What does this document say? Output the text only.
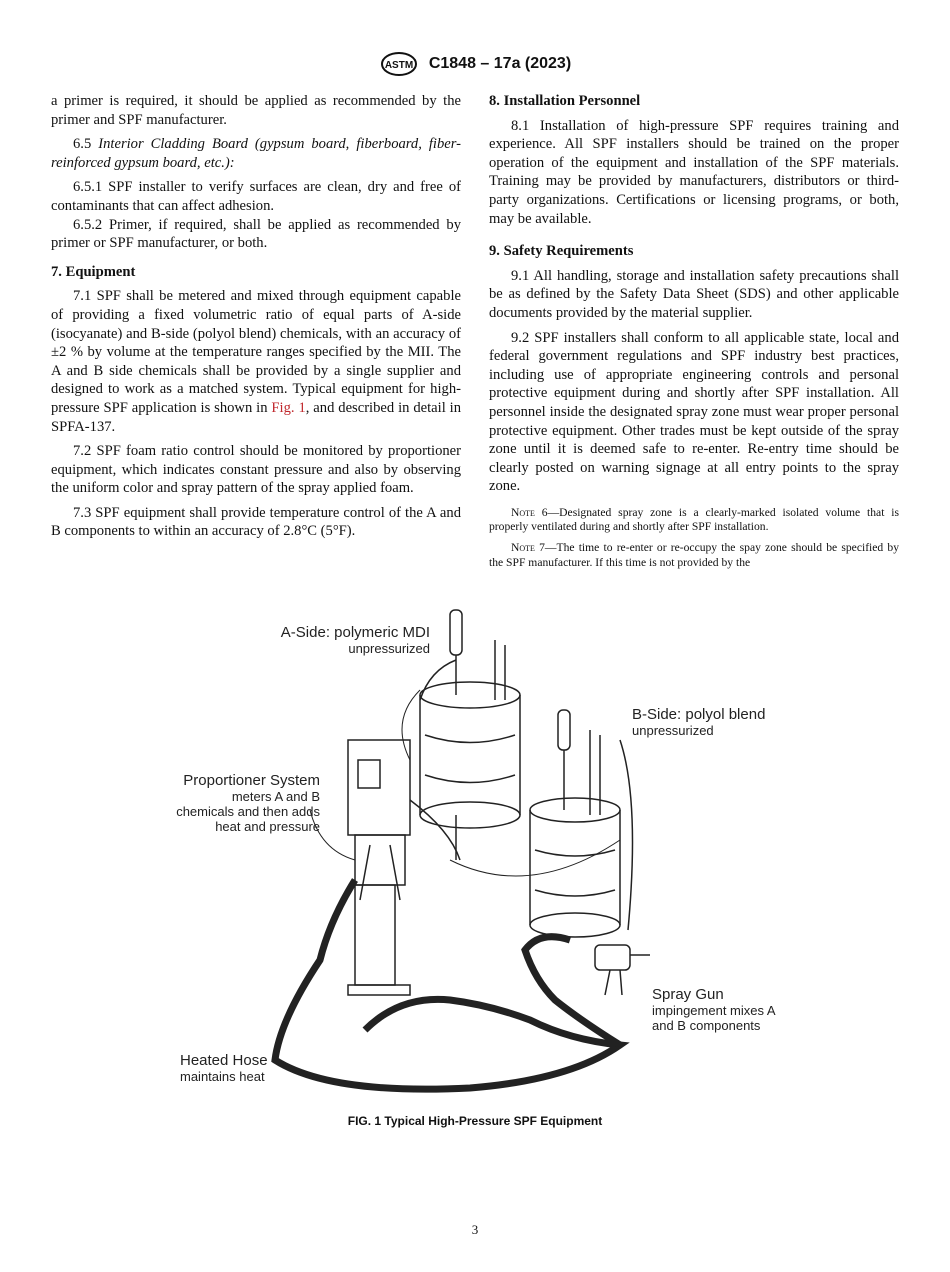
ASTM C1848 – 17a (2023)

a primer is required, it should be applied as recommended by the primer and SPF manufacturer.

6.5 Interior Cladding Board (gypsum board, fiberboard, fiber-reinforced gypsum board, etc.):

6.5.1 SPF installer to verify surfaces are clean, dry and free of contaminants that can affect adhesion.

6.5.2 Primer, if required, shall be applied as recommended by primer or SPF manufacturer, or both.

7. Equipment

7.1 SPF shall be metered and mixed through equipment capable of providing a fixed volumetric ratio of equal parts of A-side (isocyanate) and B-side (polyol blend) chemicals, with an accuracy of ±2 % by volume at the temperature ranges specified by the MII. The A and B side chemicals shall be provided by a single supplier and designed to work as a matched system. Typical equipment for high-pressure SPF application is shown in Fig. 1, and described in detail in SPFA-137.

7.2 SPF foam ratio control should be monitored by proportioner equipment, which indicates constant pressure and also by observing the uniform color and spray pattern of the spray applied foam.

7.3 SPF equipment shall provide temperature control of the A and B components to within an accuracy of 2.8°C (5°F).

8. Installation Personnel

8.1 Installation of high-pressure SPF requires training and experience. All SPF installers should be trained on the proper operation of the equipment and installation of the SPF materials. Training may be provided by manufacturers, distributors or third-party organizations. Certifications or licensing programs, or both, may be available.

9. Safety Requirements

9.1 All handling, storage and installation safety precautions shall be as defined by the Safety Data Sheet (SDS) and other applicable documents provided by the material supplier.

9.2 SPF installers shall conform to all applicable state, local and federal government regulations and SPF industry best practices, including use of appropriate engineering controls and personal protective equipment during and shortly after SPF installation. All personnel inside the designated spray zone must wear proper personal protective equipment. Other trades must be kept outside of the spray zone until it is deemed safe to re-enter. Re-entry time should be clearly posted on warning signage at all entry points to the spray zone.

Note 6—Designated spray zone is a clearly-marked isolated volume that is properly ventilated during and shortly after SPF installation.

Note 7—The time to re-enter or re-occupy the spay zone should be specified by the SPF manufacturer. If this time is not provided by the

A-Side: polymeric MDI
unpressurized
B-Side: polyol blend
unpressurized
Proportioner System
meters A and B
chemicals and then adds
heat and pressure
Spray Gun
impingement mixes A
and B components
Heated Hose
maintains heat
FIG. 1 Typical High-Pressure SPF Equipment
3
